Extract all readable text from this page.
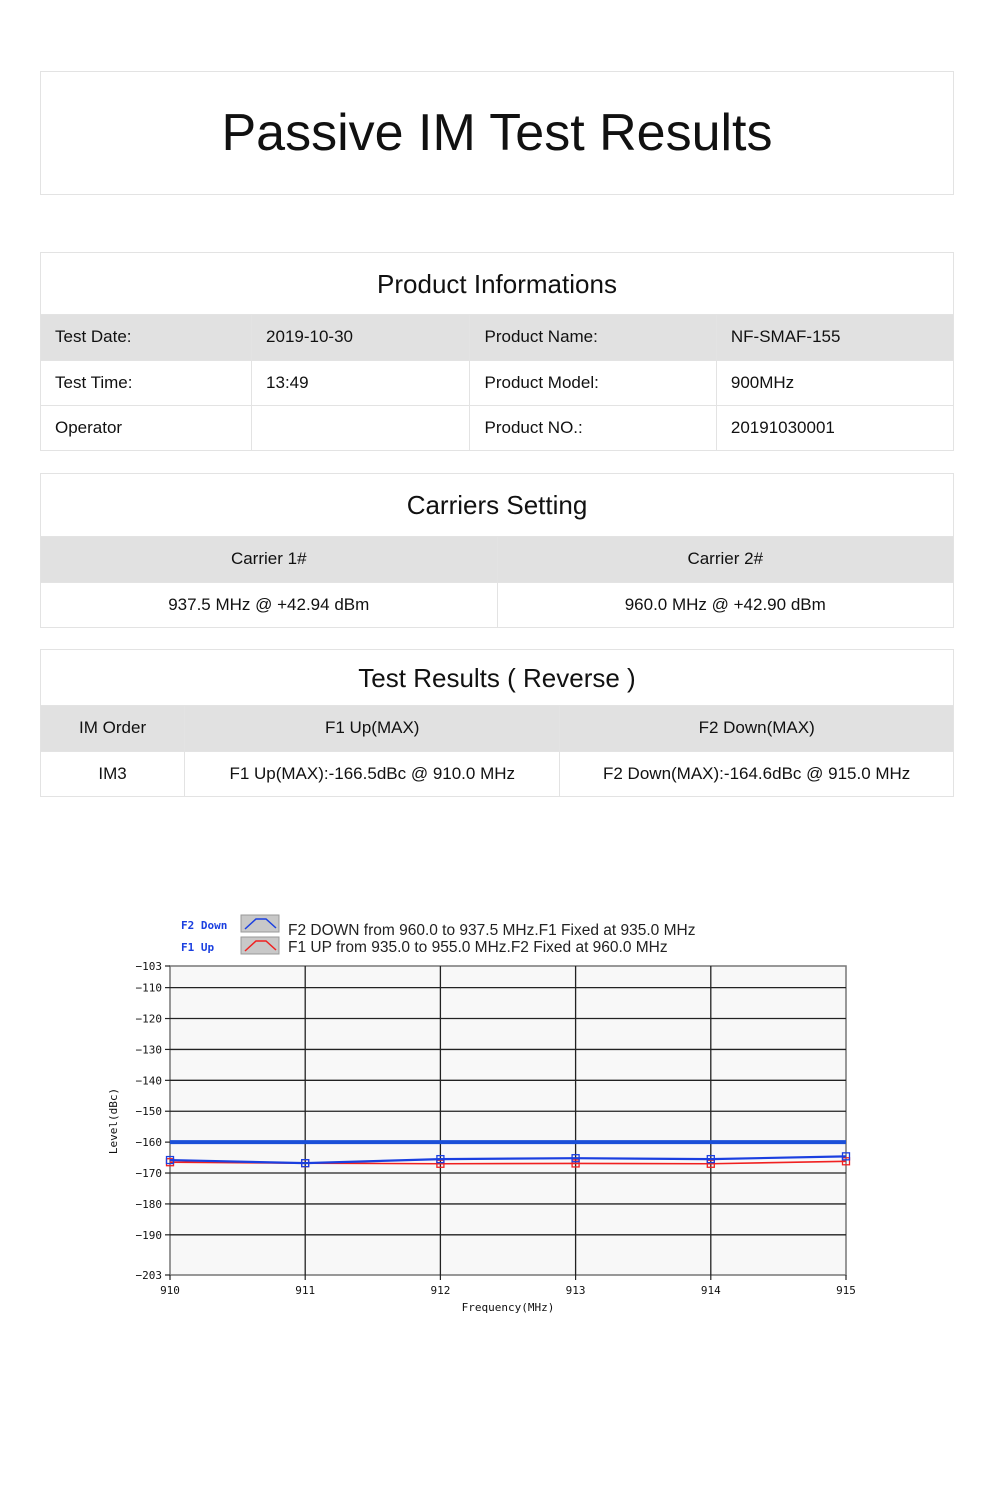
Passive IM Test Results
Product Informations
Test Date:	2019-10-30	Product Name:	NF-SMAF-155
Test Time:	13:49	Product Model:	900MHz
Operator		Product NO.:	20191030001
Carriers Setting
Carrier 1#	Carrier 2#
937.5 MHz @ +42.94 dBm	960.0 MHz @ +42.90 dBm
Test Results ( Reverse )
IM Order	F1 Up(MAX)	F2 Down(MAX)
IM3	F1 Up(MAX):-166.5dBc @ 910.0 MHz	F2 Down(MAX):-164.6dBc @ 915.0 MHz
F2 Down
F1 Up
F2 DOWN from 960.0 to 937.5 MHz.F1 Fixed at 935.0 MHz
F1 UP from 935.0 to 955.0 MHz.F2 Fixed at 960.0 MHz
−103
−110
−120
−130
−140
−150
−160
−170
−180
−190
−203
910	911	912	913	914	915
Frequency(MHz)
Level(dBc)
